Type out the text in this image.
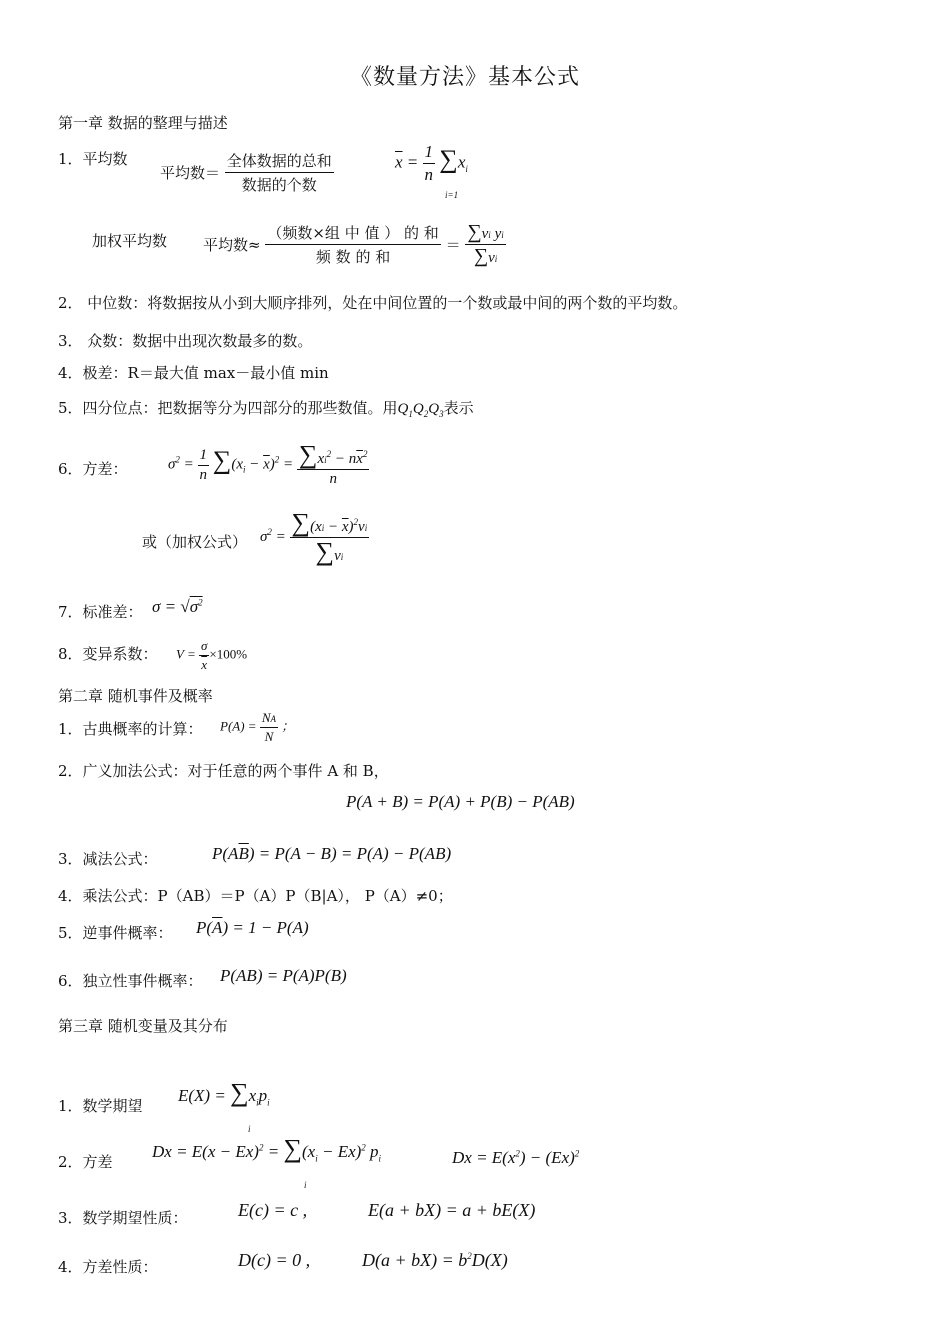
《数量方法》基本公式
第一章 数据的整理与描述
1．平均数
平均数＝ $\frac{\text{全体数据的总和}}{\text{数据的个数}}$	$\overline{x} = \frac{1}{n} \sum x_i$
i=1
加权平均数 平均数≈ $\frac{\text{（频数×组 中 值 ） 的 和}}{\text{频 数 的 和}} = \frac{\text{∑vi yi}}{\sum vi}$
2． 中位数：将数据按从小到大顺序排列，处在中间位置的一个数或最中间的两个数的平均数。
3． 众数：数据中出现次数最多的数。
4．极差：R＝最大值 max－最小值 min
5．四分位点：把数据等分为四部分的那些数值。用$Q_1Q_2Q_3$表示
6．方差：	$\sigma^2 = \frac{1}{n} \sum(x_i - \overline{x})^2 = \frac{\sum xi^2 - n\overline{x}^2}{n}$
或（加权公式） $\sigma^2 = \frac{\sum(xi - \overline{x})^2vi}{\sum vi}$
7．标准差： $\sigma = √\sigma^2$
8．变异系数： $V = \frac{\sigma}{x} \times 100\%$
第二章 随机事件及概率
1．古典概率的计算： $P(A) = \frac{NA}{N}$ ；
2．广义加法公式：对于任意的两个事件 A 和 B，
P(A + B) = P(A) + P(B) − P(AB)
3．减法公式：	$P(A\overline{B}) = P(A - B) = P(A) - P(AB)$
4．乘法公式：P（AB）＝P（A）P（B|A）， P（A）≠0；
5．逆事件概率： $P(\overline{A}) = 1 - P(A)$
6．独立性事件概率： P(AB) = P(A)P(B)
第三章 随机变量及其分布
1．数学期望
$E(X) = \sum x_ip_i$
i
2．方差
$Dx = E(x - Ex)^2 = \sum(x_i - Ex)^2$ $p_i$
i
$Dx = E(x^2) - (Ex)^2$
3．数学期望性质：	E(c) = c ,	E(a + bX) = a + bE(X)
4．方差性质：	D(c) = 0 ,	$D(a + bX) = b^2D(X)$
